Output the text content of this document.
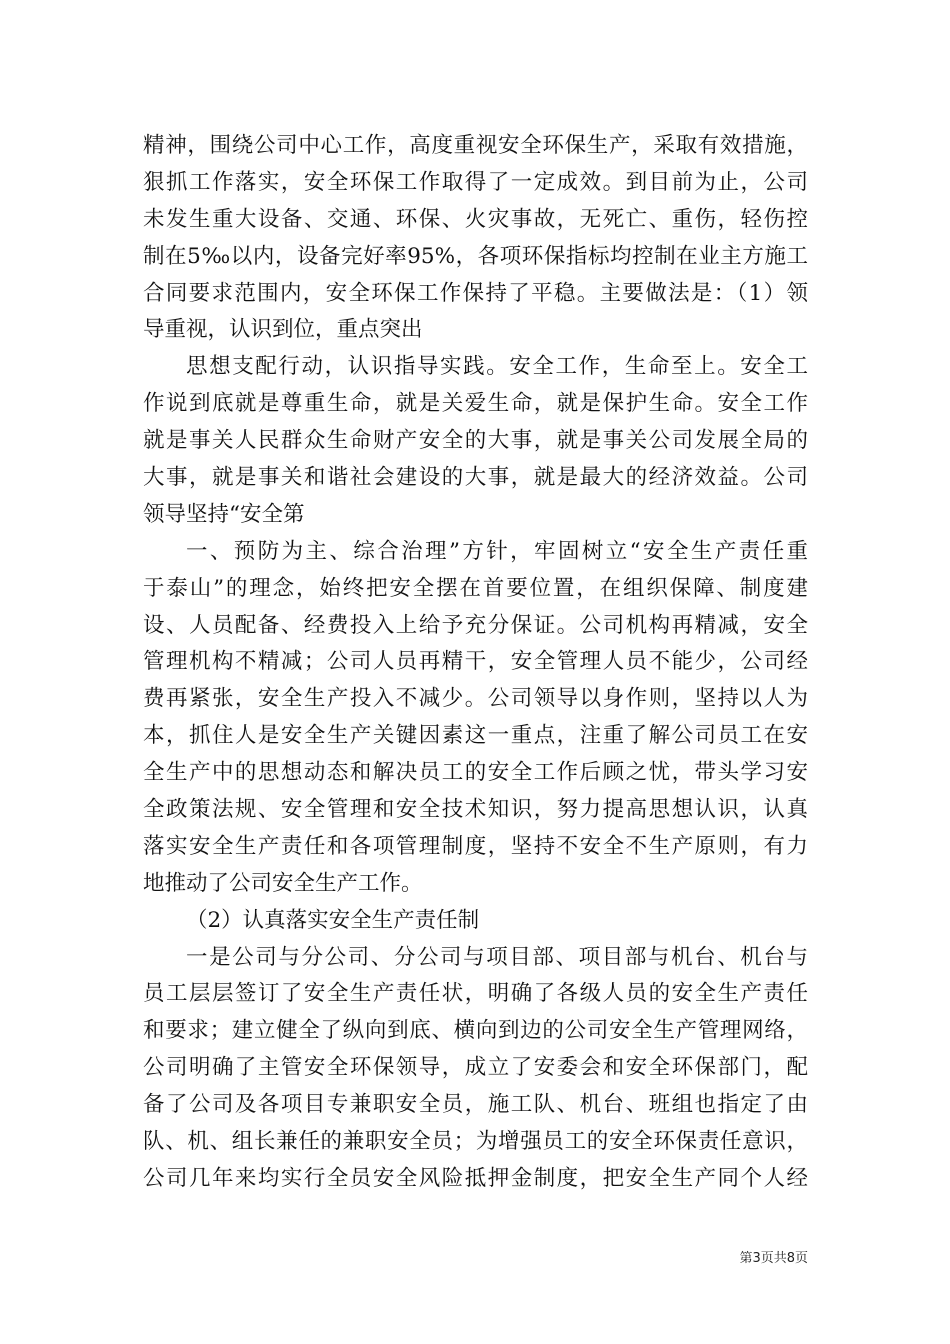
精神，围绕公司中心工作，高度重视安全环保生产，采取有效措施，
狠抓工作落实，安全环保工作取得了一定成效。到目前为止，公司
未发生重大设备、交通、环保、火灾事故，无死亡、重伤，轻伤控
制在5‰以内，设备完好率95%，各项环保指标均控制在业主方施工
合同要求范围内，安全环保工作保持了平稳。主要做法是：（1）领
导重视，认识到位，重点突出
思想支配行动，认识指导实践。安全工作，生命至上。安全工
作说到底就是尊重生命，就是关爱生命，就是保护生命。安全工作
就是事关人民群众生命财产安全的大事，就是事关公司发展全局的
大事，就是事关和谐社会建设的大事，就是最大的经济效益。公司
领导坚持“安全第
一、预防为主、综合治理”方针，牢固树立“安全生产责任重
于泰山”的理念，始终把安全摆在首要位置，在组织保障、制度建
设、人员配备、经费投入上给予充分保证。公司机构再精减，安全
管理机构不精减；公司人员再精干，安全管理人员不能少，公司经
费再紧张，安全生产投入不减少。公司领导以身作则，坚持以人为
本，抓住人是安全生产关键因素这一重点，注重了解公司员工在安
全生产中的思想动态和解决员工的安全工作后顾之忧，带头学习安
全政策法规、安全管理和安全技术知识，努力提高思想认识，认真
落实安全生产责任和各项管理制度，坚持不安全不生产原则，有力
地推动了公司安全生产工作。
（2）认真落实安全生产责任制
一是公司与分公司、分公司与项目部、项目部与机台、机台与
员工层层签订了安全生产责任状，明确了各级人员的安全生产责任
和要求；建立健全了纵向到底、横向到边的公司安全生产管理网络，
公司明确了主管安全环保领导，成立了安委会和安全环保部门，配
备了公司及各项目专兼职安全员，施工队、机台、班组也指定了由
队、机、组长兼任的兼职安全员；为增强员工的安全环保责任意识，
公司几年来均实行全员安全风险抵押金制度，把安全生产同个人经
第3页共8页
